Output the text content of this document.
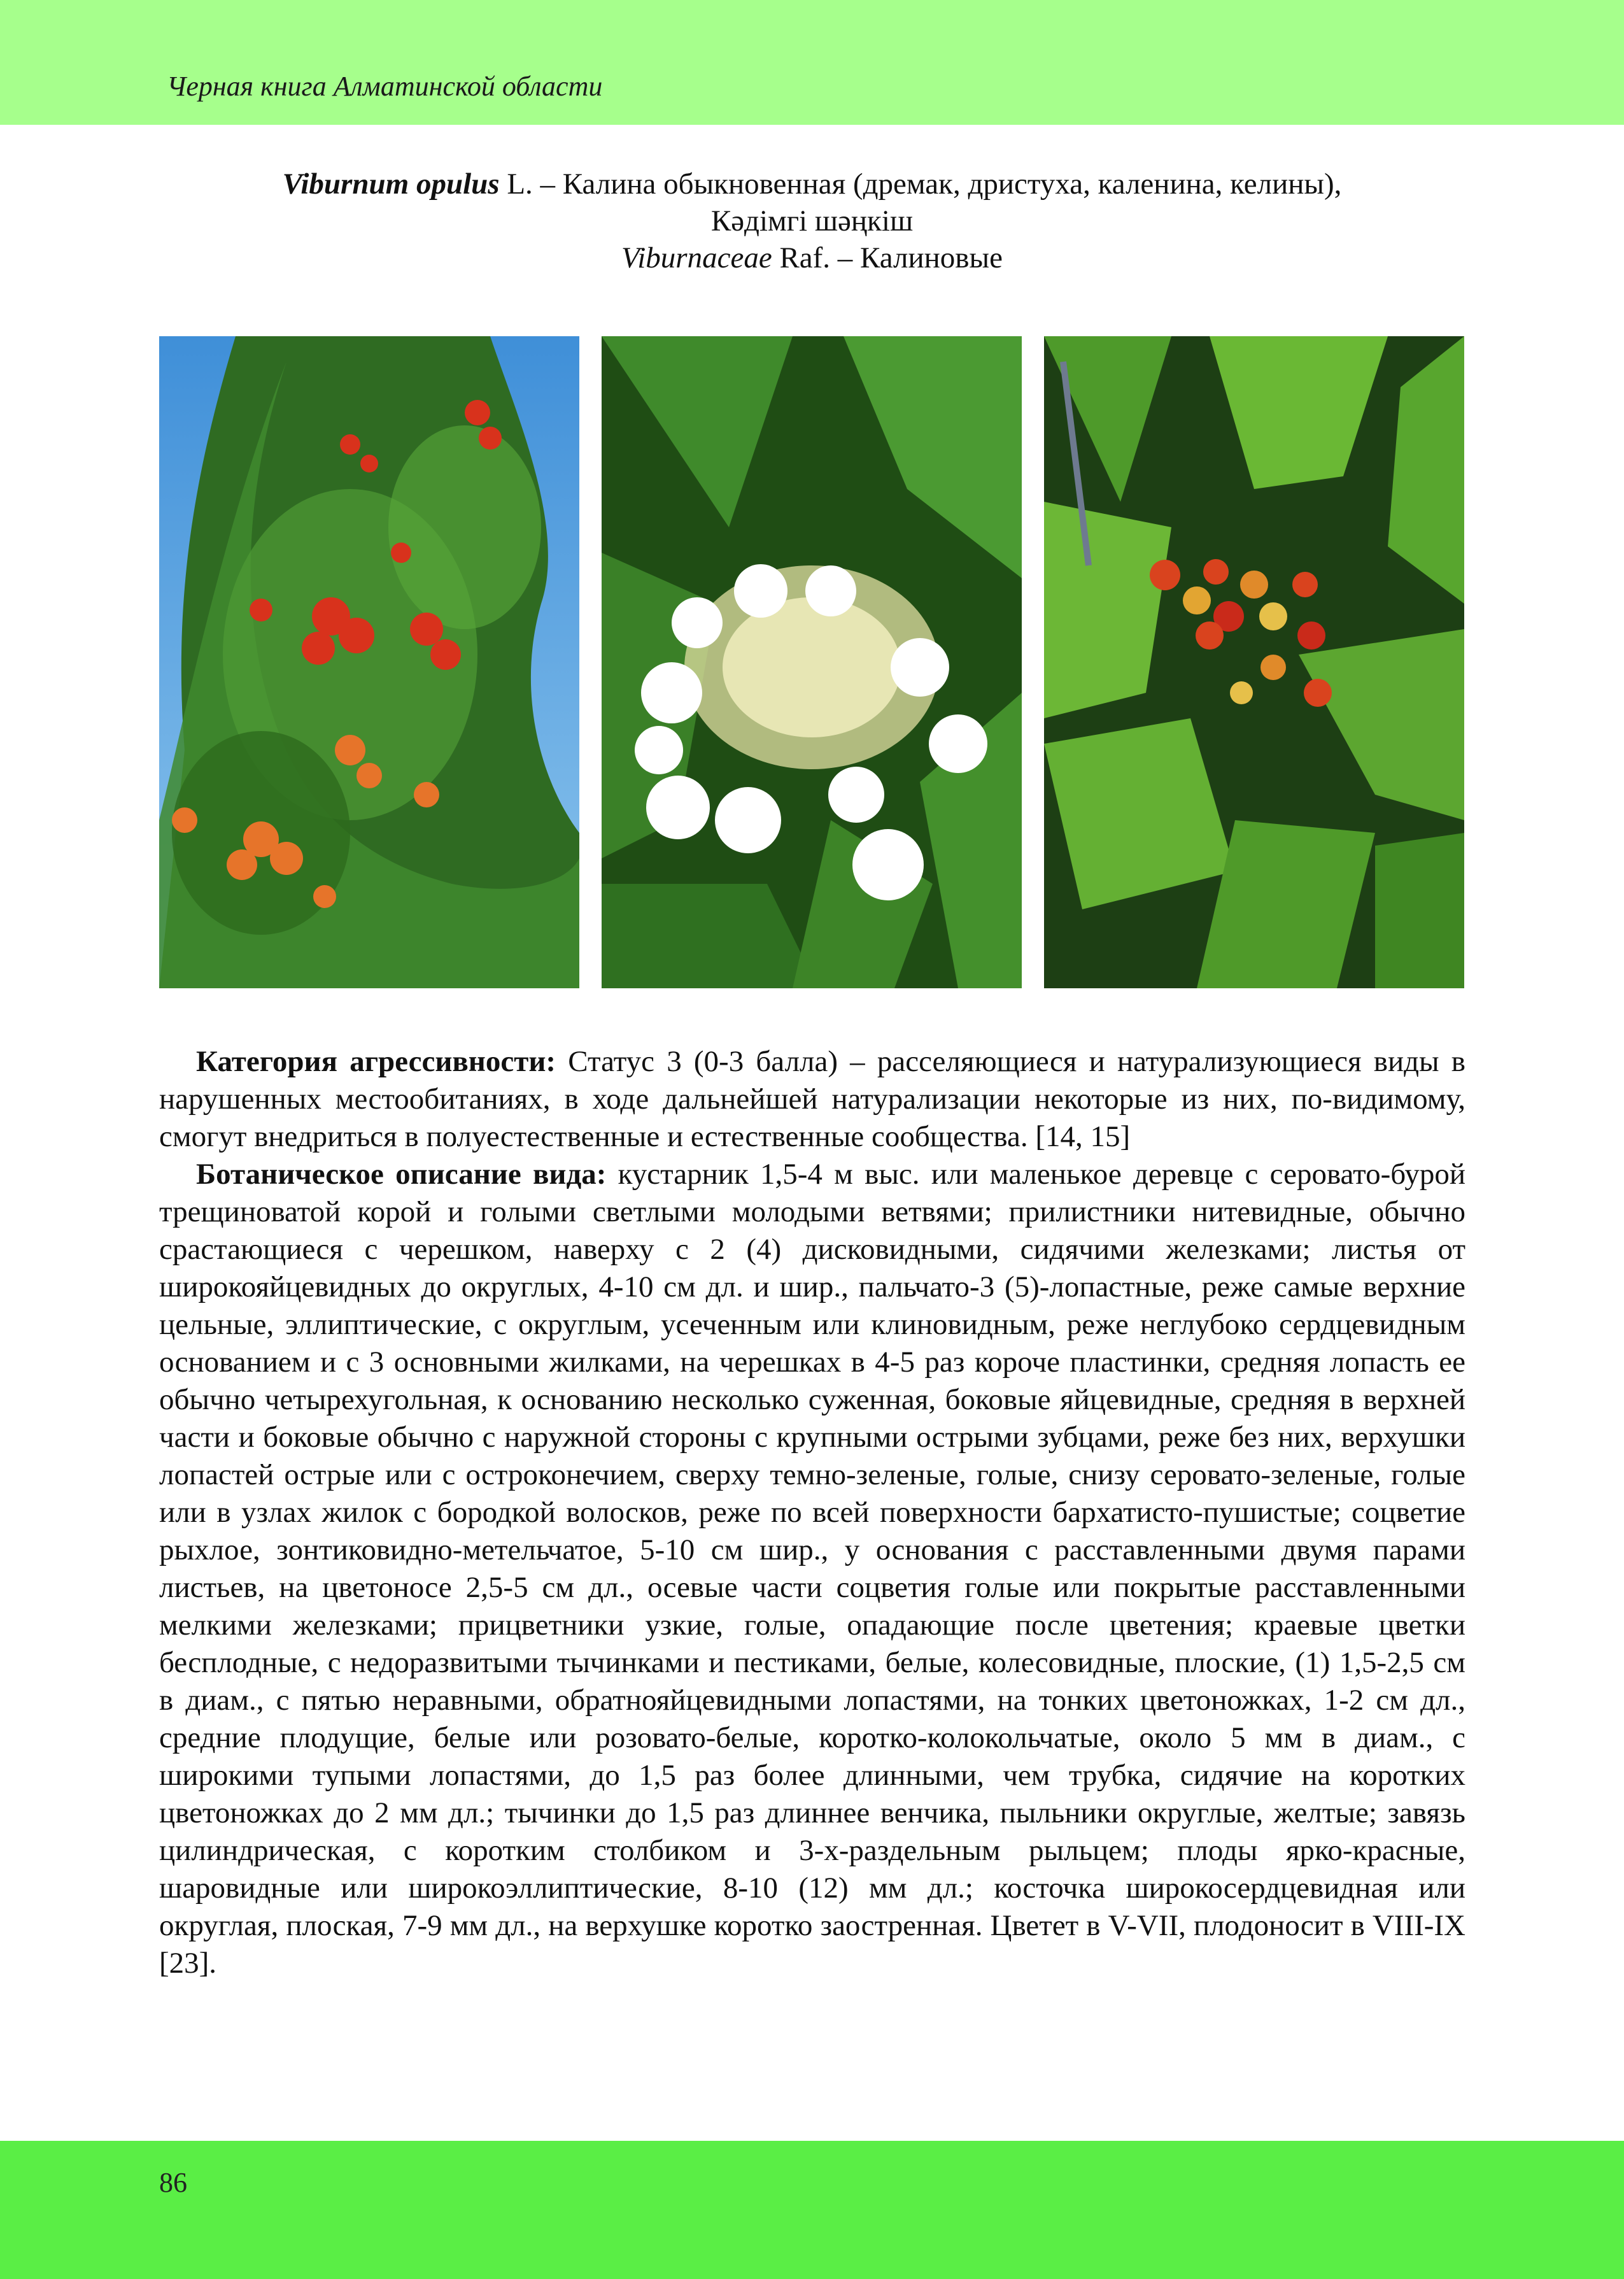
Черная книга Алматинской области
Viburnum opulus L. – Калина обыкновенная (дремак, дристуха, каленина, келины),
Кәдімгі шәңкіш
Viburnaceae Raf. – Калиновые

Категория агрессивности: Статус 3 (0-3 балла) – расселяющиеся и натурализующиеся виды в нарушенных местообитаниях, в ходе дальнейшей натурализации некоторые из них, по-видимому, смогут внедриться в полуестественные и естественные сообщества. [14, 15]

Ботаническое описание вида: кустарник 1,5-4 м выс. или маленькое деревце с серовато-бурой трещиноватой корой и голыми светлыми молодыми ветвями; прилистники нитевидные, обычно срастающиеся с черешком, наверху с 2 (4) дисковидными, сидячими железками; листья от широкояйцевидных до округлых, 4-10 см дл. и шир., пальчато-3 (5)-лопастные, реже самые верхние цельные, эллиптические, с округлым, усеченным или клиновидным, реже неглубоко сердцевидным основанием и с 3 основными жилками, на черешках в 4-5 раз короче пластинки, средняя лопасть ее обычно четырехугольная, к основанию несколько суженная, боковые яйцевидные, средняя в верхней части и боковые обычно с наружной стороны с крупными острыми зубцами, реже без них, верхушки лопастей острые или с остроконечием, сверху темно-зеленые, голые, снизу серовато-зеленые, голые или в узлах жилок с бородкой волосков, реже по всей поверхности бархатисто-пушистые; соцветие рыхлое, зонтиковидно-метельчатое, 5-10 см шир., у основания с расставленными двумя парами листьев, на цветоносе 2,5-5 см дл., осевые части соцветия голые или покрытые расставленными мелкими железками; прицветники узкие, голые, опадающие после цветения; краевые цветки бесплодные, с недоразвитыми тычинками и пестиками, белые, колесовидные, плоские, (1) 1,5-2,5 см в диам., с пятью неравными, обратнояйцевидными лопастями, на тонких цветоножках, 1-2 см дл., средние плодущие, белые или розовато-белые, коротко-колокольчатые, около 5 мм в диам., с широкими тупыми лопастями, до 1,5 раз более длинными, чем трубка, сидячие на коротких цветоножках до 2 мм дл.; тычинки до 1,5 раз длиннее венчика, пыльники округлые, желтые; завязь цилиндрическая, с коротким столбиком и 3-х-раздельным рыльцем; плоды ярко-красные, шаровидные или широкоэллиптические, 8-10 (12) мм дл.; косточка широкосердцевидная или округлая, плоская, 7-9 мм дл., на верхушке коротко заостренная. Цветет в V-VII, плодоносит в VIII-IX [23].

86
